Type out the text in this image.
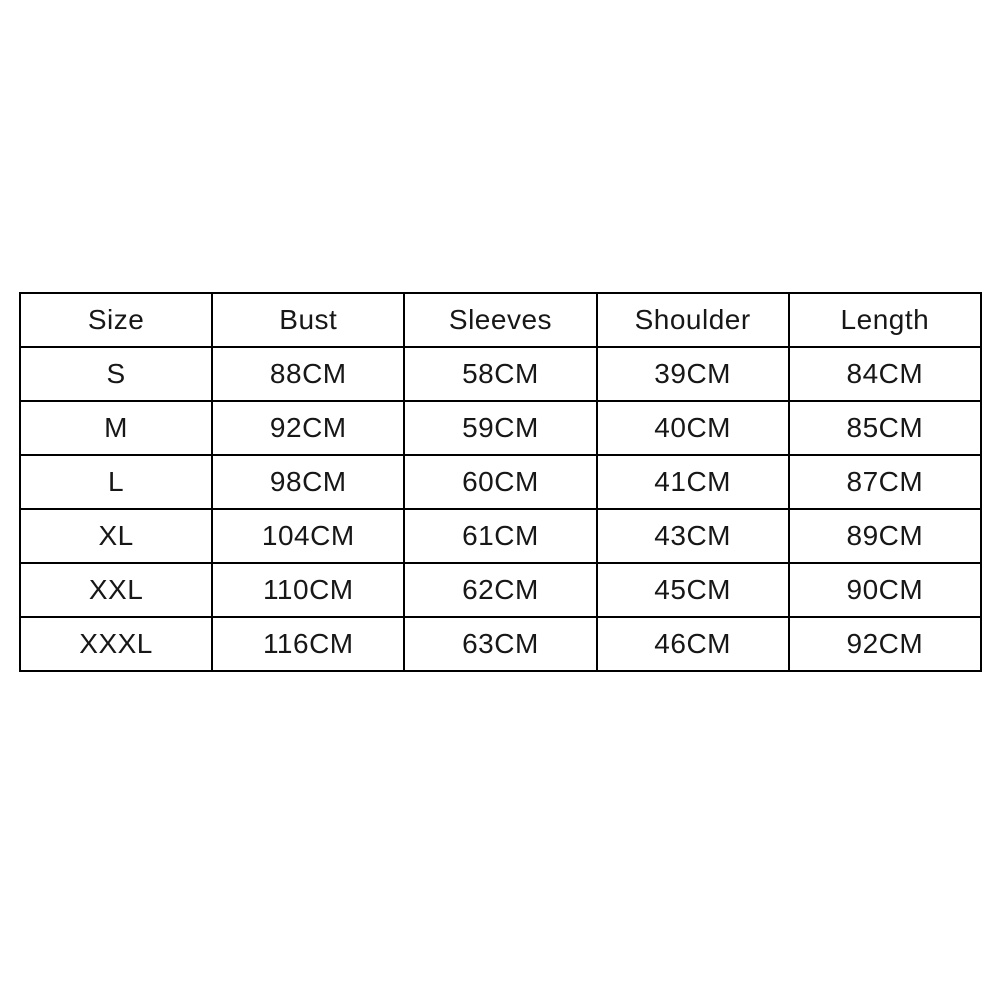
Size	Bust	Sleeves	Shoulder	Length
S	88CM	58CM	39CM	84CM
M	92CM	59CM	40CM	85CM
L	98CM	60CM	41CM	87CM
XL	104CM	61CM	43CM	89CM
XXL	110CM	62CM	45CM	90CM
XXXL	116CM	63CM	46CM	92CM
